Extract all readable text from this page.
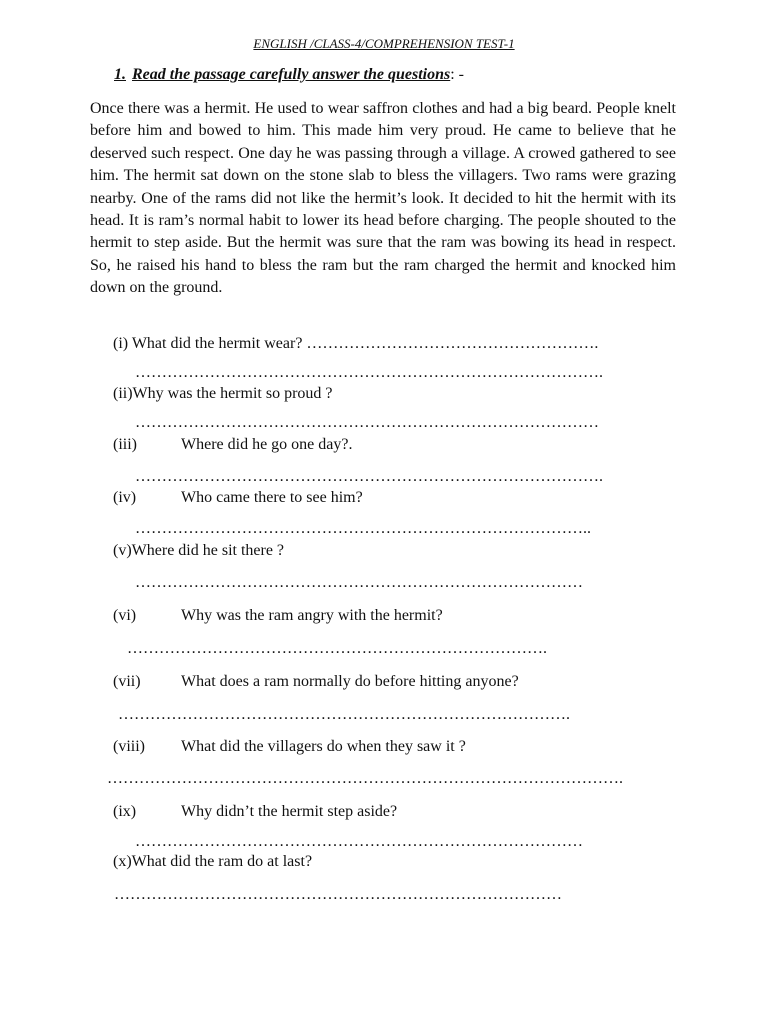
ENGLISH /CLASS-4/COMPREHENSION TEST-1
1. Read the passage carefully answer the questions: -

Once there was a hermit. He used to wear saffron clothes and had a big beard. People knelt before him and bowed to him. This made him very proud. He came to believe that he deserved such respect. One day he was passing through a village. A crowed gathered to see him. The hermit sat down on the stone slab to bless the villagers. Two rams were grazing nearby. One of the rams did not like the hermit’s look. It decided to hit the hermit with its head. It is ram’s normal habit to lower its head before charging. The people shouted to the hermit to step aside. But the hermit was sure that the ram was bowing its head in respect. So, he raised his hand to bless the ram but the ram charged the hermit and knocked him down on the ground.

(i) What did the hermit wear? ……………………………………………….
…………………………………………………………………………….
(ii)Why was the hermit so proud ?
……………………………………………………………………………
(iii)	Where did he go one day?.
…………………………………………………………………………….
(iv)	Who came there to see him?
…………………………………………………………………………..
(v)Where did he sit there ?
…………………………………………………………………………
(vi)	Why was the ram angry with the hermit?
…………………………………………………………………….
(vii)	What does a ram normally do before hitting anyone?
………………………………………………………………………….
(viii) What did the villagers do when they saw it ?
…………………………………………………………………………………….
(ix)	Why didn’t the hermit step aside?
…………………………………………………………………………
(x)What did the ram do at last?
…………………………………………………………………………
